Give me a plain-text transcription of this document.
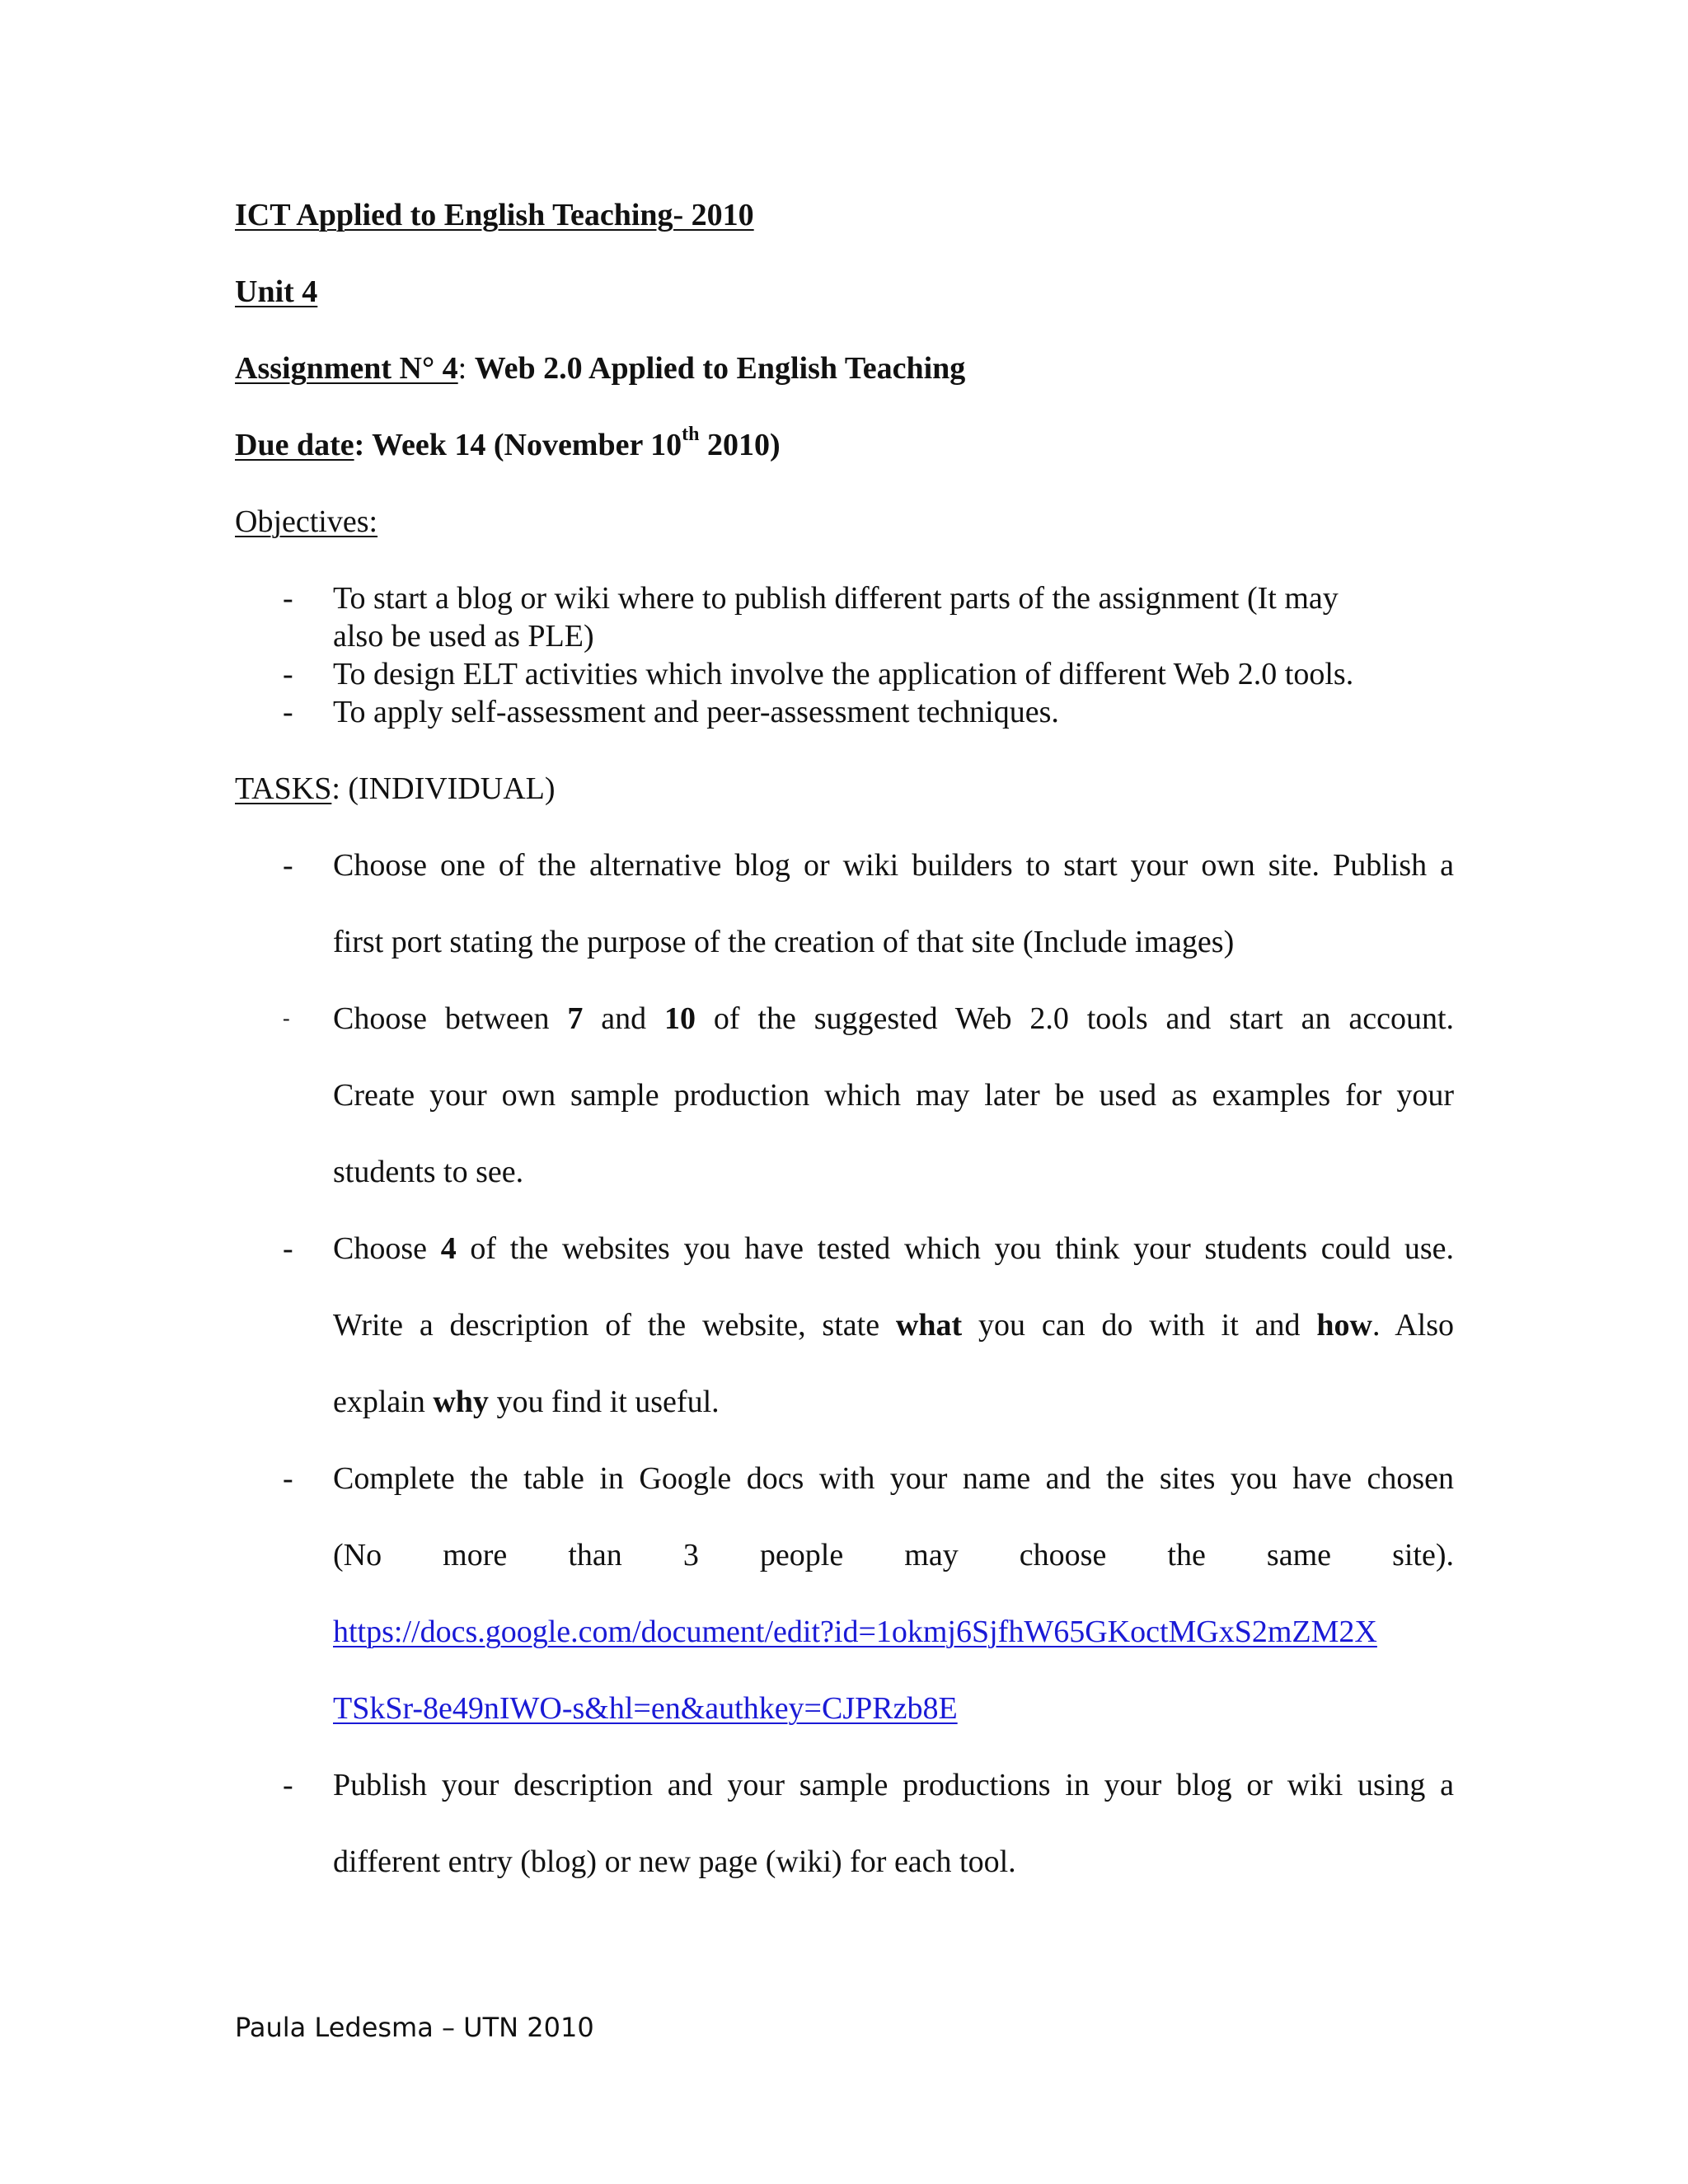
ICT Applied to English Teaching- 2010
Unit 4
Assignment N° 4: Web 2.0 Applied to English Teaching
Due date: Week 14 (November 10th 2010)
Objectives:
- To start a blog or wiki where to publish different parts of the assignment (It may
also be used as PLE)
- To design ELT activities which involve the application of different Web 2.0 tools.
- To apply self-assessment and peer-assessment techniques.
TASKS: (INDIVIDUAL)
- Choose one of the alternative blog or wiki builders to start your own site. Publish a
first port stating the purpose of the creation of that site (Include images)
- Choose between 7 and 10 of the suggested Web 2.0 tools and start an account.
Create your own sample production which may later be used as examples for your
students to see.
- Choose 4 of the websites you have tested which you think your students could use.
Write a description of the website, state what you can do with it and how. Also
explain why you find it useful.
- Complete the table in Google docs with your name and the sites you have chosen
(No more than 3 people may choose the same site).
https://docs.google.com/document/edit?id=1okmj6SjfhW65GKoctMGxS2mZM2X
TSkSr-8e49nIWO-s&hl=en&authkey=CJPRzb8E
- Publish your description and your sample productions in your blog or wiki using a
different entry (blog) or new page (wiki) for each tool.
Paula Ledesma – UTN 2010
